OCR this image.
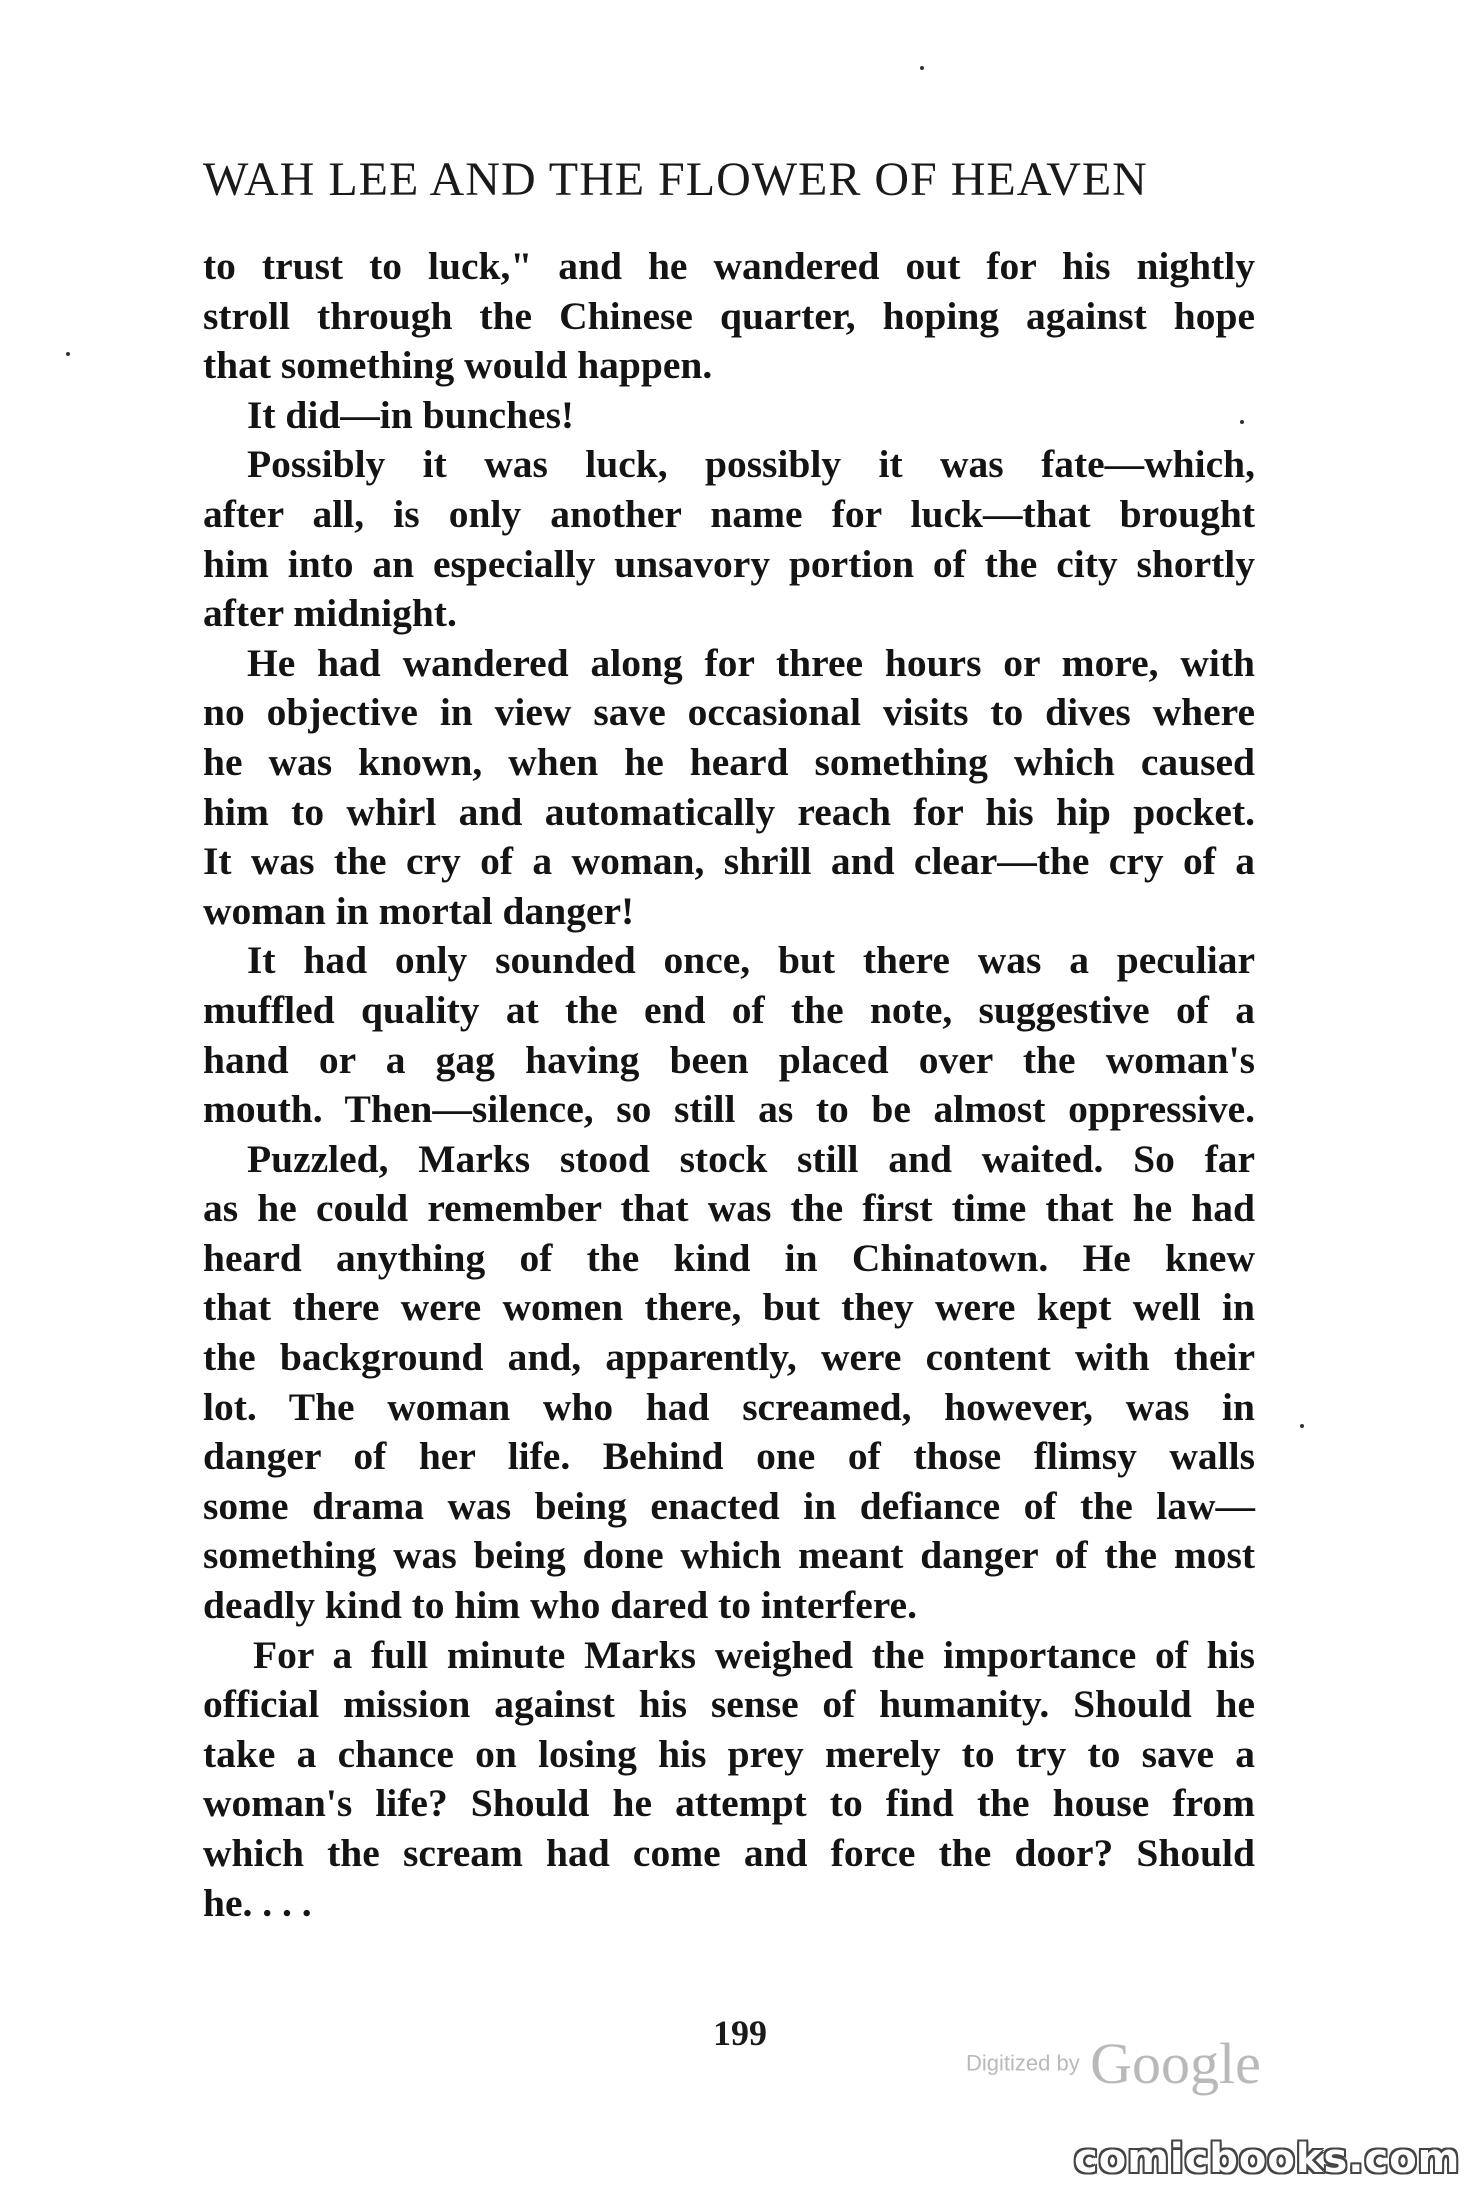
WAH LEE AND THE FLOWER OF HEAVEN
to trust to luck," and he wandered out for his nightly
stroll through the Chinese quarter, hoping against hope
that something would happen.
It did—in bunches!
Possibly it was luck, possibly it was fate—which,
after all, is only another name for luck—that brought
him into an especially unsavory portion of the city shortly
after midnight.
He had wandered along for three hours or more, with
no objective in view save occasional visits to dives where
he was known, when he heard something which caused
him to whirl and automatically reach for his hip pocket.
It was the cry of a woman, shrill and clear—the cry of a
woman in mortal danger!
It had only sounded once, but there was a peculiar
muffled quality at the end of the note, suggestive of a
hand or a gag having been placed over the woman's
mouth. Then—silence, so still as to be almost oppressive.
Puzzled, Marks stood stock still and waited. So far
as he could remember that was the first time that he had
heard anything of the kind in Chinatown. He knew
that there were women there, but they were kept well in
the background and, apparently, were content with their
lot. The woman who had screamed, however, was in
danger of her life. Behind one of those flimsy walls
some drama was being enacted in defiance of the law—
something was being done which meant danger of the most
deadly kind to him who dared to interfere.
For a full minute Marks weighed the importance of his
official mission against his sense of humanity. Should he
take a chance on losing his prey merely to try to save a
woman's life? Should he attempt to find the house from
which the scream had come and force the door? Should
he. . . .
199
Digitized by Google
comicbooks.com
